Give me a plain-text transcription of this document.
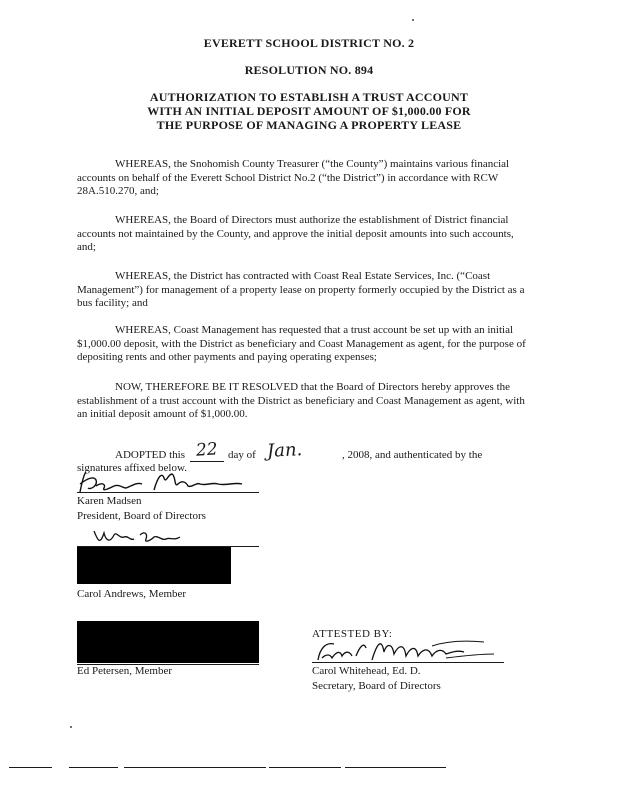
EVERETT SCHOOL DISTRICT NO. 2
RESOLUTION NO. 894
AUTHORIZATION TO ESTABLISH A TRUST ACCOUNT
WITH AN INITIAL DEPOSIT AMOUNT OF $1,000.00 FOR
THE PURPOSE OF MANAGING A PROPERTY LEASE
WHEREAS, the Snohomish County Treasurer (“the County”) maintains various financial accounts on behalf of the Everett School District No.2 (“the District”) in accordance with RCW 28A.510.270, and;
WHEREAS, the Board of Directors must authorize the establishment of District financial accounts not maintained by the County, and approve the initial deposit amounts into such accounts, and;
WHEREAS, the District has contracted with Coast Real Estate Services, Inc. (“Coast Management”) for management of a property lease on property formerly occupied by the District as a bus facility; and
WHEREAS, Coast Management has requested that a trust account be set up with an initial $1,000.00 deposit, with the District as beneficiary and Coast Management as agent, for the purpose of depositing rents and other payments and paying operating expenses;
NOW, THEREFORE BE IT RESOLVED that the Board of Directors hereby approves the establishment of a trust account with the District as beneficiary and Coast Management as agent, with an initial deposit amount of $1,000.00.
ADOPTED this 22 day of Jan.	, 2008, and authenticated by the
signatures affixed below.
Karen Madsen
President, Board of Directors
Carol Andrews, Member
Ed Petersen, Member
ATTESTED BY:
Carol Whitehead, Ed. D.
Secretary, Board of Directors
